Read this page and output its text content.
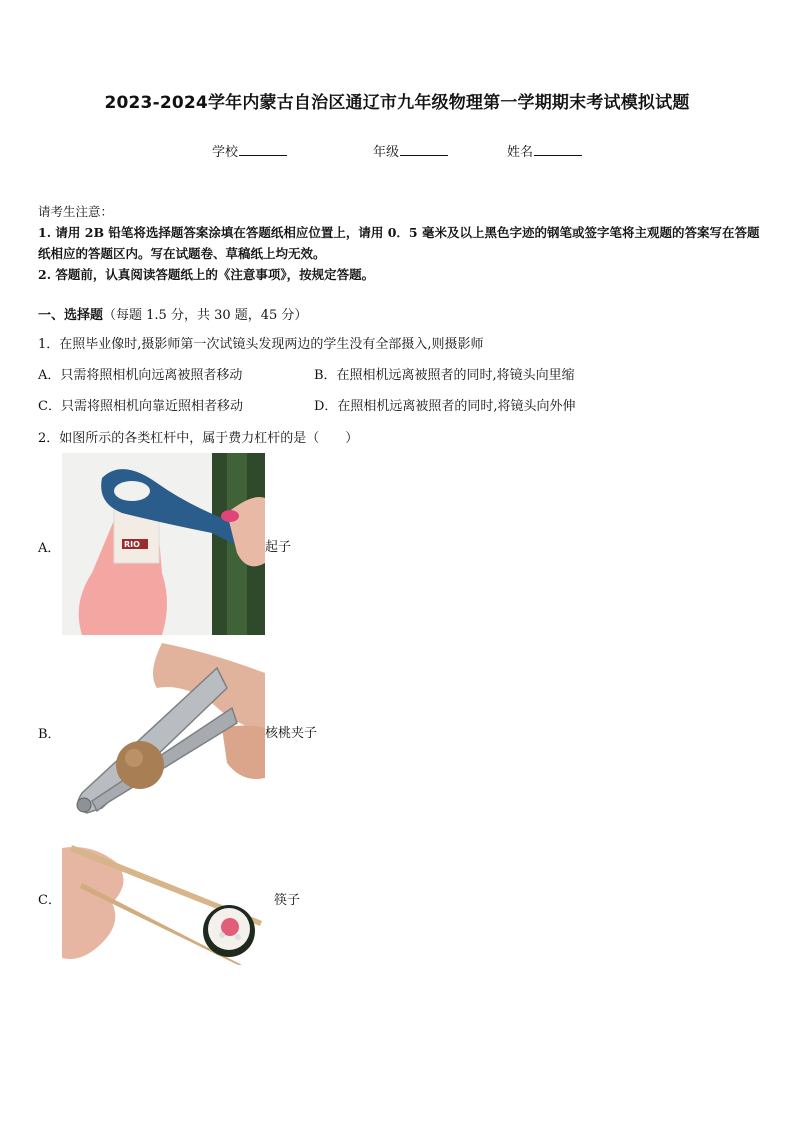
2023-2024学年内蒙古自治区通辽市九年级物理第一学期期末考试模拟试题
学校	年级	姓名

请考生注意：

1. 请用 2B 铅笔将选择题答案涂填在答题纸相应位置上，请用 0．5 毫米及以上黑色字迹的钢笔或签字笔将主观题的答案写在答题纸相应的答题区内。写在试题卷、草稿纸上均无效。

2. 答题前，认真阅读答题纸上的《注意事项》，按规定答题。

一、选择题（每题 1.5 分，共 30 题，45 分）
1．在照毕业像时,摄影师第一次试镜头发现两边的学生没有全部摄入,则摄影师
A．只需将照相机向远离被照者移动	B．在照相机远离被照者的同时,将镜头向里缩
C．只需将照相机向靠近照相者移动	D．在照相机远离被照者的同时,将镜头向外伸
2．如图所示的各类杠杆中，属于费力杠杆的是（　　）
A．	RIO	起子
B．	核桃夹子
C．	筷子
